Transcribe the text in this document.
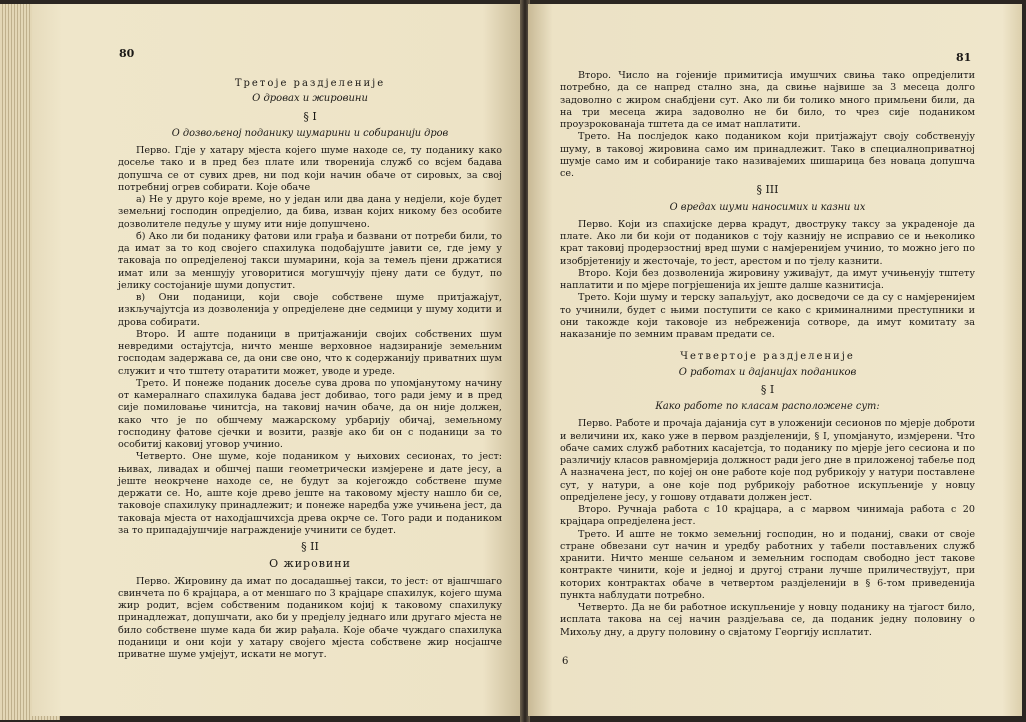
80
Третоје раздјеленије
О дровах и жировини
§ I
О дозвољеној поданику шумарини и собиранији дров

Перво. Гдје у хатару мјеста којего шуме находе се, ту поданику како досеље тако и в пред без плате или творенија служб со всјем бадава допушча се от сувих древ, ни под који начин обаче от сировых, за свој потребниј огрев собирати. Које обаче

а) Не у друго које време, но у један или два дана у недјели, које будет земељниј господин опредјелио, да бива, изван којих никому без особите дозволителе педуље у шуму ити није допушчено.

б) Ако ли би поданику фатови или грађа и базвани от потреби били, то да имат за то код својего спахилука подобајуште јавити се, где јему у таковаја по опредјеленој такси шумарини, која за темељ пјени држатися имат или за меншују уговоритися могушчују пјену дати се будут, по јелику состојаније шуми допустит.

в) Они поданици, који своје собствене шуме притјажајут, изкључајутсја из дозволенија у опредјелене дне седмици у шуму ходити и дрова собирати.

Втoро. И аште поданици в притјажанији својих собствених шум невредими остајутсја, ничто менше верховное надзираније земељним господам задержава се, да они све оно, что к содержанију приватних шум служит и что тштету отаратити может, уводе и уреде.

Трето. И понеже поданик досеље сува дрова по упомјанутому начину от камералнаго спахилука бадава јест добивао, того ради јему и в пред сије помиловање чинитсја, на таковиј начин обаче, да он није должен, како что је по обшчему мажарскому урбарију обичај, земељному господину фатове сјечки и возити, развје ако би он с поданици за то особитиј каковиј уговор учинио.

Четверто. Оне шуме, које подаником у њихових сесионах, то јест: њивах, ливадах и обшчеј паши геометрически измјерене и дате јесу, а јеште неокрчене находе се, не будут за којегождо собствене шуме держати се. Но, аште које древо јеште на таковому мјесту нашло би се, таковоје спахилуку принадлежит; и понеже наредба уже учињена јест, да таковаја мјеста от находјашчихсја древа окрче се. Того ради и подаником за то припадајушчије награжденије учинити се будет.

§ II
О жировини

Перво. Жировину да имат по досадашњеј такси, то јест: от вјашчшаго свинчета по 6 крајцара, а от меншаго по 3 крајцаре спахилук, којего шума жир родит, всјем собственим подаником којиј к таковому спахилуку принадлежат, допушчати, ако би у предјелу једнаго или другаго мјеста не било собствене шуме када би жир рађала. Које обаче чуждаго спахилука поданици и они који у хатару својего мјеста собствене жир носјашче приватне шуме умјејут, искати не могут.

81

Второ. Число на гојеније примитисја имушчих свиња тако опредјелити потребно, да се напред стално зна, да свиње највише за 3 месеца долго задоволно с жиром снабдјени сут. Ако ли би толико много примљени били, да на три месеца жира задоволно не би било, то чрез сије подаником проузрокованаја тштета да се имат наплатити.

Трето. На послједок како подаником који притјажајут својy собственују шуму, в таковој жировина само им принадлежит. Тако в специалноприватној шумје само им и собираније тако називајемих шишарица без новаца допушча се.

§ III
О вредах шуми наносимих и казни их

Перво. Који из спахијске дерва крадут, двоструку таксу за украденоје да плате. Ако ли би који от подаников с тоју казнију не исправио се и њеколико крат таковиј продерзостниј вред шуми с намјеренијем учинио, то можно јего по изобрјетенију и жесточаје, то јест, арестом и по тјелу казнити.

Второ. Који без дозволенија жировину уживајут, да имут учињенују тштету наплатити и по мјере погрјешенија их јеште далше казнитисја.

Трето. Који шуму и терску запаљујут, ако досведочи се да су с намјеренијем то учинили, будет с њими поступити се како с криминалними преступники и они такожде који таковоје из небреженија сотворе, да имут комитату за наказаније по земним правам предати се.

Четвертоје раздјеленије
О работах и дајанијах подаников
§ I
Како работе по класам расположене сут:

Перво. Работе и прочаја дајанија сут в уложенији сесионов по мјерје доброти и величини их, како уже в первом раздјеленији, § I, упомјануто, измјерени. Что обаче самих служб работних касајетсја, то поданику по мјерје јего сесиона и по различију класов равномјерија должност ради јего дне в приложеној табеље под А назначена јест, по којеј он оне работе које под рубрикоју у натури поставлене сут, у натури, а оне које под рубрикоју работное искупљеније у новцу опредјелене јесу, у гошову отдавати должен јест.

Второ. Ручнаја работа с 10 крајцара, а с марвом чинимаја работа с 20 крајцара опредјелена јест.

Трето. И аште не токмо земељниј господин, но и поданиј, сваки от своје стране обвезани сут начин и уредбу работних у табели постављених служб хранити. Ничто менше сељаном и земељним господам свободно јест таковe контракте чинити, које и једној и другој страни лучше приличествујут, при которих контрактах обаче в четвертом раздјеленији в § 6-том приведенија пункта наблудати потребно.

Четверто. Да не би работное искупљеније у новцу поданику на тјагост било, исплата такова на сеј начин раздјељава се, да поданик једну половину о Михољу дну, а другу половину о свјатому Георгију исплатит.

6
